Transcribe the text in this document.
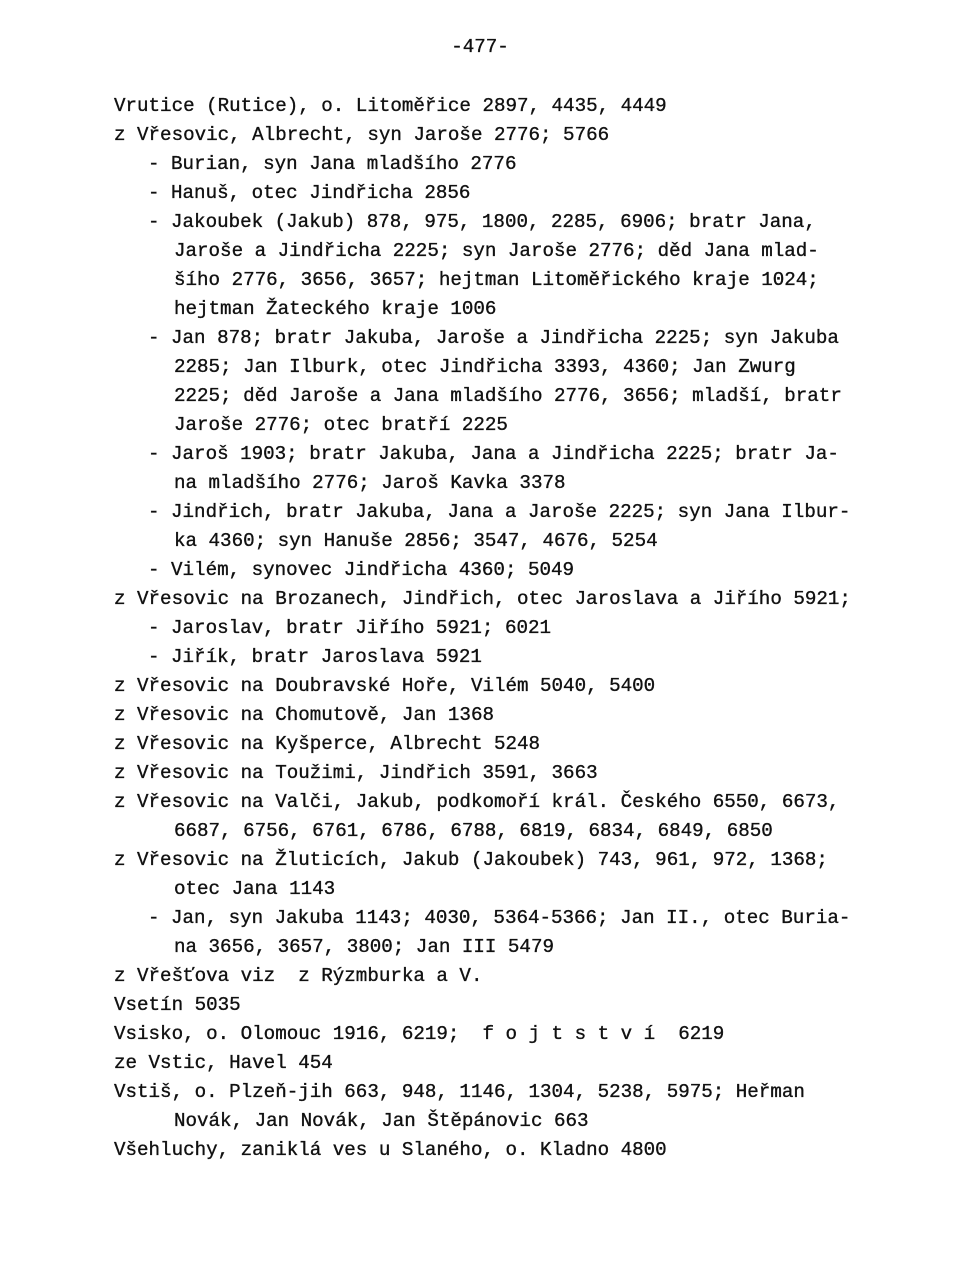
-477-
Vrutice (Rutice), o. Litoměřice 2897, 4435, 4449
z Vřesovic, Albrecht, syn Jaroše 2776; 5766
- Burian, syn Jana mladšího 2776
- Hanuš, otec Jindřicha 2856
- Jakoubek (Jakub) 878, 975, 1800, 2285, 6906; bratr Jana,
Jaroše a Jindřicha 2225; syn Jaroše 2776; děd Jana mlad-
šího 2776, 3656, 3657; hejtman Litoměřického kraje 1024;
hejtman Žateckého kraje 1006
- Jan 878; bratr Jakuba, Jaroše a Jindřicha 2225; syn Jakuba
2285; Jan Ilburk, otec Jindřicha 3393, 4360; Jan Zwurg
2225; děd Jaroše a Jana mladšího 2776, 3656; mladší, bratr
Jaroše 2776; otec bratří 2225
- Jaroš 1903; bratr Jakuba, Jana a Jindřicha 2225; bratr Ja-
na mladšího 2776; Jaroš Kavka 3378
- Jindřich, bratr Jakuba, Jana a Jaroše 2225; syn Jana Ilbur-
ka 4360; syn Hanuše 2856; 3547, 4676, 5254
- Vilém, synovec Jindřicha 4360; 5049
z Vřesovic na Brozanech, Jindřich, otec Jaroslava a Jiřího 5921;
- Jaroslav, bratr Jiřího 5921; 6021
- Jiřík, bratr Jaroslava 5921
z Vřesovic na Doubravské Hoře, Vilém 5040, 5400
z Vřesovic na Chomutově, Jan 1368
z Vřesovic na Kyšperce, Albrecht 5248
z Vřesovic na Toužimi, Jindřich 3591, 3663
z Vřesovic na Valči, Jakub, podkomoří král. Českého 6550, 6673,
6687, 6756, 6761, 6786, 6788, 6819, 6834, 6849, 6850
z Vřesovic na Žluticích, Jakub (Jakoubek) 743, 961, 972, 1368;
otec Jana 1143
- Jan, syn Jakuba 1143; 4030, 5364-5366; Jan II., otec Buria-
na 3656, 3657, 3800; Jan III 5479
z Vřešťova viz  z Rýzmburka a V.
Vsetín 5035
Vsisko, o. Olomouc 1916, 6219;  f o j t s t v í  6219
ze Vstic, Havel 454
Vstiš, o. Plzeň-jih 663, 948, 1146, 1304, 5238, 5975; Heřman
Novák, Jan Novák, Jan Štěpánovic 663
Všehluchy, zaniklá ves u Slaného, o. Kladno 4800
